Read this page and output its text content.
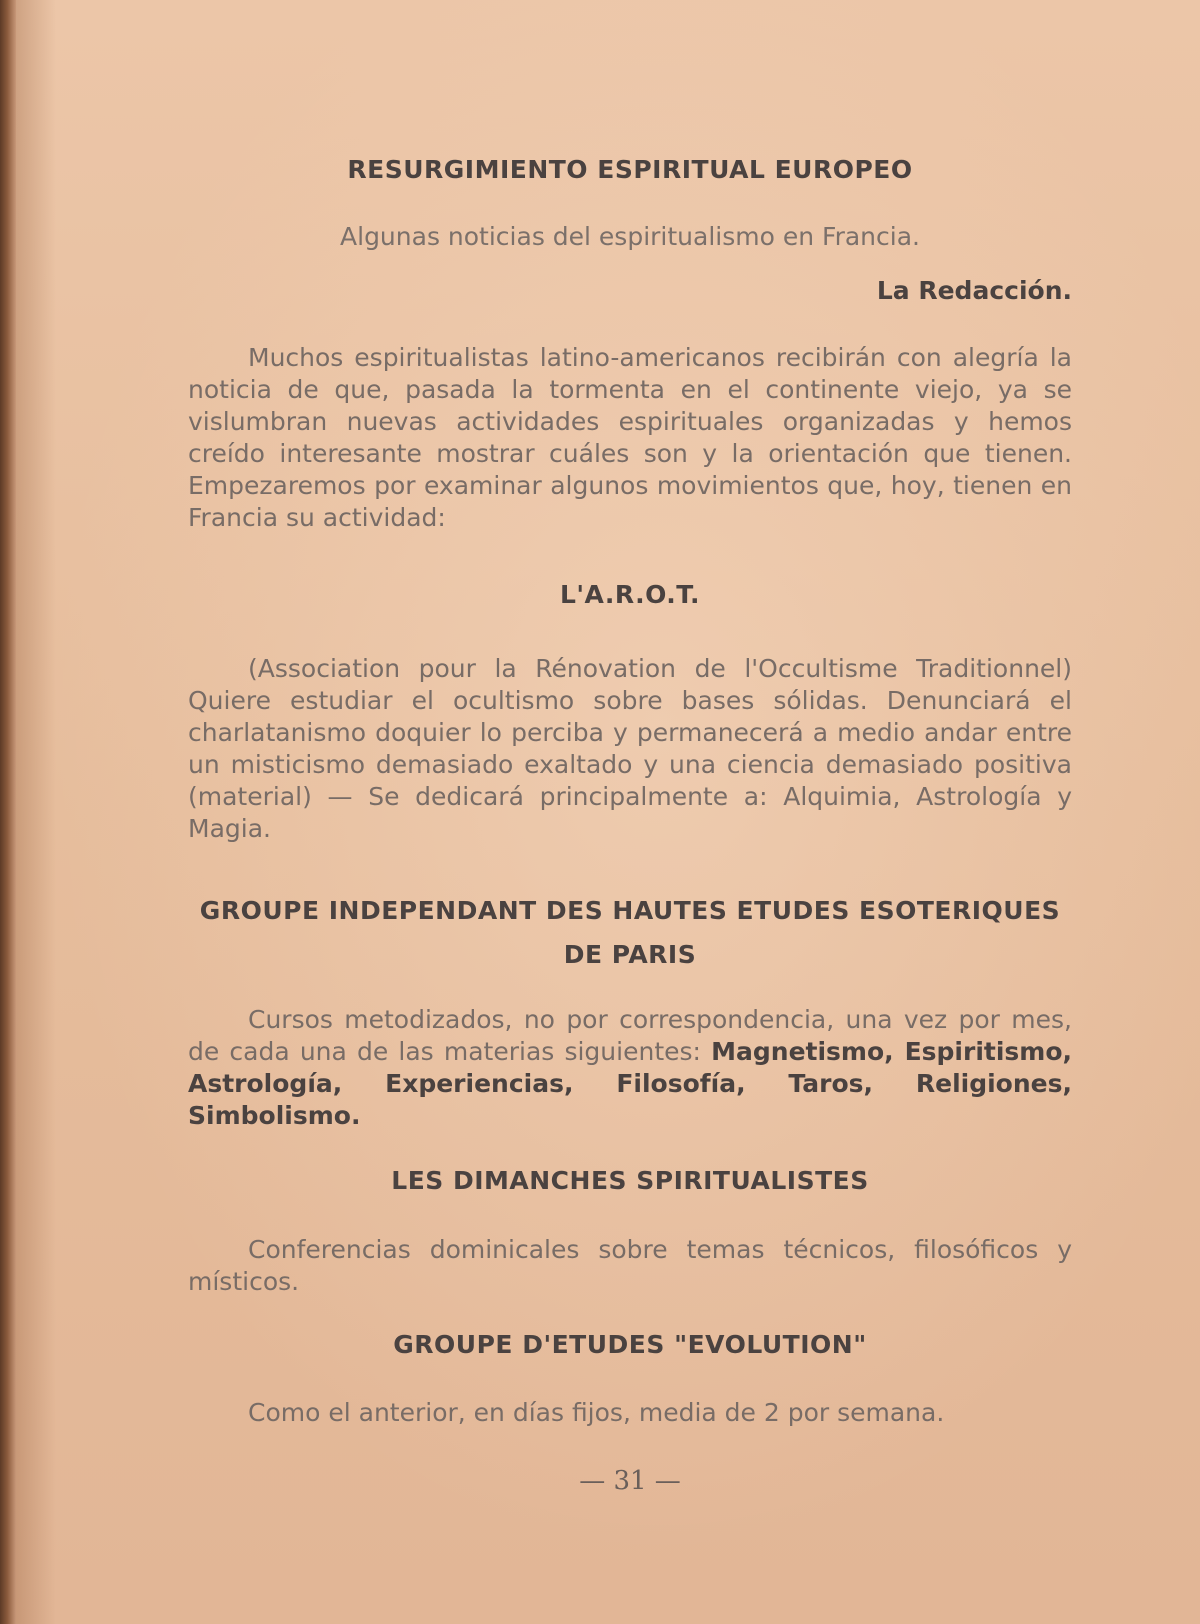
RESURGIMIENTO ESPIRITUAL EUROPEO

Algunas noticias del espiritualismo en Francia.

La Redacción.

Muchos espiritualistas latino-americanos recibirán con alegría la noticia de que, pasada la tormenta en el continente viejo, ya se vislumbran nuevas actividades espirituales organizadas y hemos creído interesante mostrar cuáles son y la orientación que tienen. Empezaremos por examinar algunos movimientos que, hoy, tienen en Francia su actividad:

L'A.R.O.T.

(Association pour la Rénovation de l'Occultisme Traditionnel) Quiere estudiar el ocultismo sobre bases sólidas. Denunciará el charlatanismo doquier lo perciba y permanecerá a medio andar entre un misticismo demasiado exaltado y una ciencia demasiado positiva (material) — Se dedicará principalmente a: Alquimia, Astrología y Magia.

GROUPE INDEPENDANT DES HAUTES ETUDES ESOTERIQUES
DE PARIS

Cursos metodizados, no por correspondencia, una vez por mes, de cada una de las materias siguientes: Magnetismo, Espiritismo, Astrología, Experiencias, Filosofía, Taros, Religiones, Simbolismo.

LES DIMANCHES SPIRITUALISTES

Conferencias dominicales sobre temas técnicos, filosóficos y místicos.

GROUPE D'ETUDES "EVOLUTION"

Como el anterior, en días fijos, media de 2 por semana.

— 31 —
